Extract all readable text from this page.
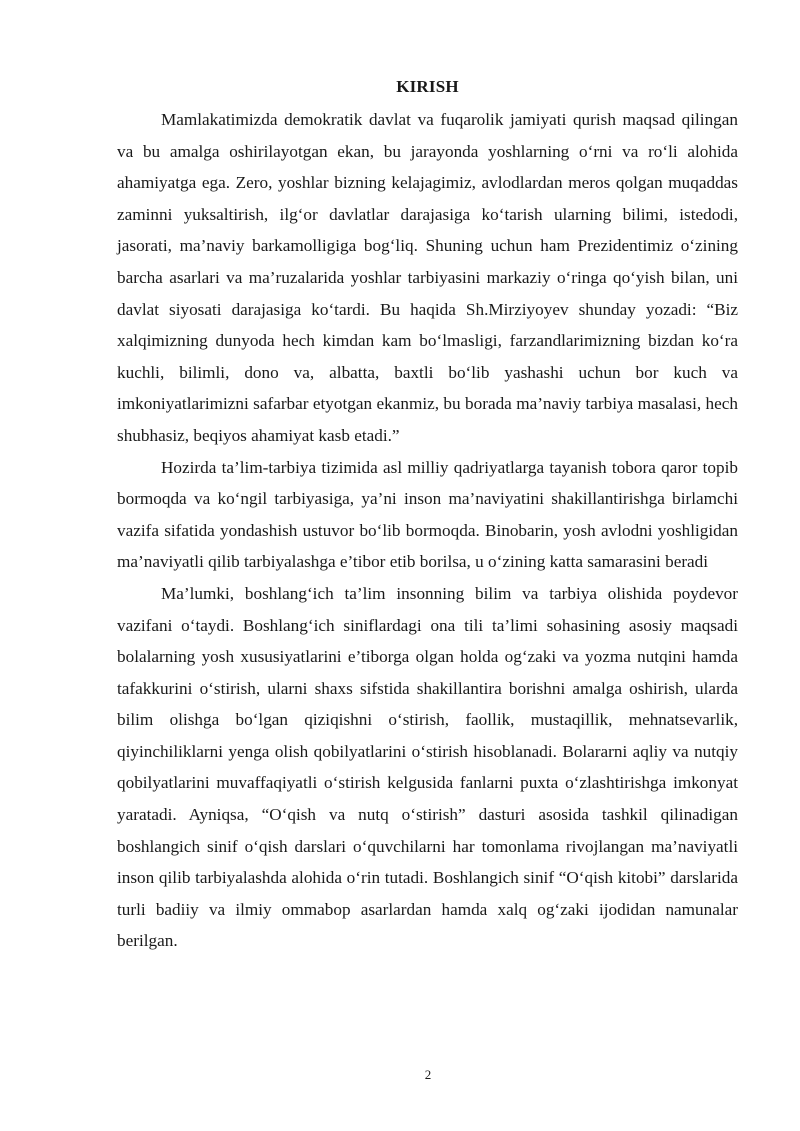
KIRISH

Mamlakatimizda demokratik davlat va fuqarolik jamiyati qurish maqsad qilingan va bu amalga oshirilayotgan ekan, bu jarayonda yoshlarning o‘rni va ro‘li alohida ahamiyatga ega. Zero, yoshlar bizning kelajagimiz, avlodlardan meros qolgan muqaddas zaminni yuksaltirish, ilg‘or davlatlar darajasiga ko‘tarish ularning bilimi, istedodi, jasorati, ma’naviy barkamolligiga bog‘liq. Shuning uchun ham Prezidentimiz o‘zining barcha asarlari va ma’ruzalarida yoshlar tarbiyasini markaziy o‘ringa qo‘yish bilan, uni davlat siyosati darajasiga ko‘tardi. Bu haqida Sh.Mirziyoyev shunday yozadi: “Biz xalqimizning dunyoda hech kimdan kam bo‘lmasligi, farzandlarimizning bizdan ko‘ra kuchli, bilimli, dono va, albatta, baxtli bo‘lib yashashi uchun bor kuch va imkoniyatlarimizni safarbar etyotgan ekanmiz, bu borada ma’naviy tarbiya masalasi, hech shubhasiz, beqiyos ahamiyat kasb etadi.”

Hozirda ta’lim-tarbiya tizimida asl milliy qadriyatlarga tayanish tobora qaror topib bormoqda va ko‘ngil tarbiyasiga, ya’ni inson ma’naviyatini shakillantirishga birlamchi vazifa sifatida yondashish ustuvor bo‘lib bormoqda. Binobarin, yosh avlodni yoshligidan ma’naviyatli qilib tarbiyalashga e’tibor etib borilsa, u o‘zining katta samarasini beradi

Ma’lumki, boshlang‘ich ta’lim insonning bilim va tarbiya olishida poydevor vazifani o‘taydi. Boshlang‘ich siniflardagi ona tili ta’limi sohasining asosiy maqsadi bolalarning yosh xususiyatlarini e’tiborga olgan holda og‘zaki va yozma nutqini hamda tafakkurini o‘stirish, ularni shaxs sifstida shakillantira borishni amalga oshirish, ularda bilim olishga bo‘lgan qiziqishni o‘stirish, faollik, mustaqillik, mehnatsevarlik, qiyinchiliklarni yenga olish qobilyatlarini o‘stirish hisoblanadi. Bolararni aqliy va nutqiy qobilyatlarini muvaffaqiyatli o‘stirish kelgusida fanlarni puxta o‘zlashtirishga imkonyat yaratadi. Ayniqsa, “O‘qish va nutq o‘stirish” dasturi asosida tashkil qilinadigan boshlangich sinif o‘qish darslari o‘quvchilarni har tomonlama rivojlangan ma’naviyatli inson qilib tarbiyalashda alohida o‘rin tutadi. Boshlangich sinif “O‘qish kitobi” darslarida turli badiiy va ilmiy ommabop asarlardan hamda xalq og‘zaki ijodidan namunalar berilgan.

2
